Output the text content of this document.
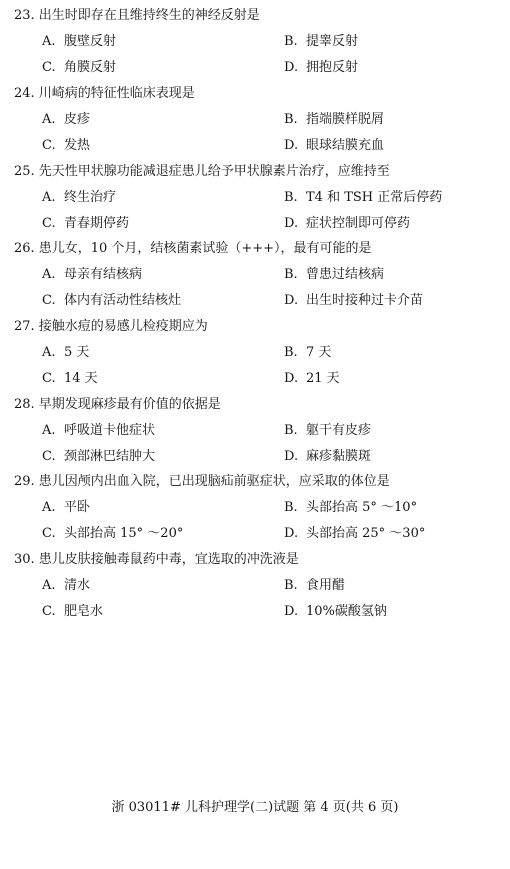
23. 出生时即存在且维持终生的神经反射是
A. 腹壁反射	B. 提睾反射
C. 角膜反射	D. 拥抱反射
24. 川崎病的特征性临床表现是
A. 皮疹	B. 指端膜样脱屑
C. 发热	D. 眼球结膜充血
25. 先天性甲状腺功能减退症患儿给予甲状腺素片治疗，应维持至
A. 终生治疗	B. T4 和 TSH 正常后停药
C. 青春期停药	D. 症状控制即可停药
26. 患儿女，10 个月，结核菌素试验（+++），最有可能的是
A. 母亲有结核病	B. 曾患过结核病
C. 体内有活动性结核灶	D. 出生时接种过卡介苗
27. 接触水痘的易感儿检疫期应为
A. 5 天	B. 7 天
C. 14 天	D. 21 天
28. 早期发现麻疹最有价值的依据是
A. 呼吸道卡他症状	B. 躯干有皮疹
C. 颈部淋巴结肿大	D. 麻疹黏膜斑
29. 患儿因颅内出血入院，已出现脑疝前驱症状，应采取的体位是
A. 平卧	B. 头部抬高 5° ～10°
C. 头部抬高 15° ～20°	D. 头部抬高 25° ～30°
30. 患儿皮肤接触毒鼠药中毒，宜选取的冲洗液是
A. 清水	B. 食用醋
C. 肥皂水	D. 10%碳酸氢钠
浙 03011# 儿科护理学(二)试题 第 4 页(共 6 页)
